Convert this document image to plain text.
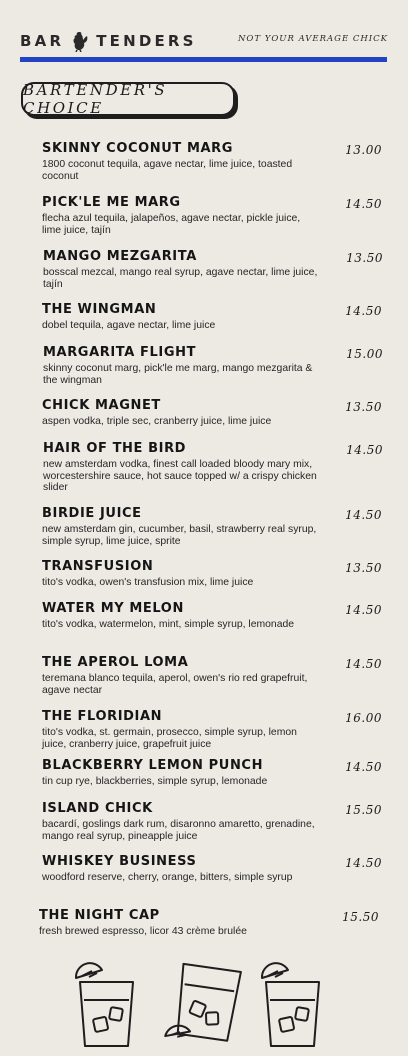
BAR TENDERS	NOT YOUR AVERAGE CHICK
BARTENDER'S CHOICE
SKINNY COCONUT MARG	13.00
1800 coconut tequila, agave nectar, lime juice, toasted coconut
PICK'LE ME MARG	14.50
flecha azul tequila, jalapeños, agave nectar, pickle juice, lime juice, tajín
MANGO MEZGARITA	13.50
bosscal mezcal, mango real syrup, agave nectar, lime juice, tajín
THE WINGMAN	14.50
dobel tequila, agave nectar, lime juice
MARGARITA FLIGHT	15.00
skinny coconut marg, pick'le me marg, mango mezgarita & the wingman
CHICK MAGNET	13.50
aspen vodka, triple sec, cranberry juice, lime juice
HAIR OF THE BIRD	14.50
new amsterdam vodka, finest call loaded bloody mary mix, worcestershire sauce, hot sauce topped w/ a crispy chicken slider
BIRDIE JUICE	14.50
new amsterdam gin, cucumber, basil, strawberry real syrup, simple syrup, lime juice, sprite
TRANSFUSION	13.50
tito's vodka, owen's transfusion mix, lime juice
WATER MY MELON	14.50
tito's vodka, watermelon, mint, simple syrup, lemonade
THE APEROL LOMA	14.50
teremana blanco tequila, aperol, owen's rio red grapefruit, agave nectar
THE FLORIDIAN	16.00
tito's vodka, st. germain, prosecco, simple syrup, lemon juice, cranberry juice, grapefruit juice
BLACKBERRY LEMON PUNCH	14.50
tin cup rye, blackberries, simple syrup, lemonade
ISLAND CHICK	15.50
bacardí, goslings dark rum, disaronno amaretto, grenadine, mango real syrup, pineapple juice
WHISKEY BUSINESS	14.50
woodford reserve, cherry, orange, bitters, simple syrup
THE NIGHT CAP	15.50
fresh brewed espresso, licor 43 crème brulée
